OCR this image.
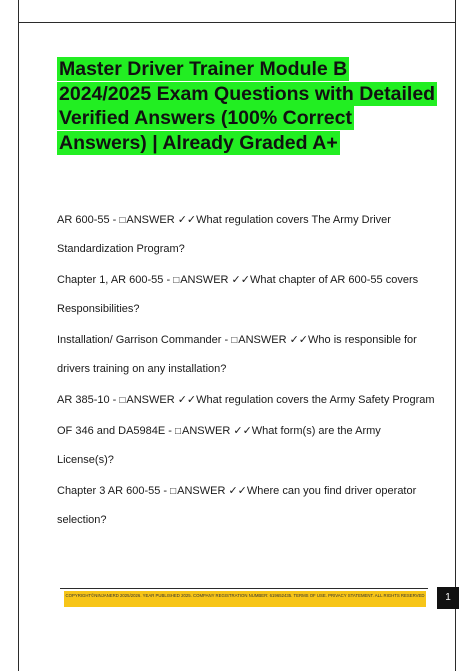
Master Driver Trainer Module B 2024/2025 Exam Questions with Detailed Verified Answers (100% Correct Answers) | Already Graded A+
AR 600-55 - □ANSWER ✓✓What regulation covers The Army Driver Standardization Program?
Chapter 1, AR 600-55 - □ANSWER ✓✓What chapter of AR 600-55 covers Responsibilities?
Installation/ Garrison Commander - □ANSWER ✓✓Who is responsible for drivers training on any installation?
AR 385-10 - □ANSWER ✓✓What regulation covers the Army Safety Program
OF 346 and DA5984E - □ANSWER ✓✓What form(s) are the Army License(s)?
Chapter 3 AR 600-55 - □ANSWER ✓✓Where can you find driver operator selection?

COPYRIGHT©NINJANERD 2025/2026. YEAR PUBLISHED 2025. COMPANY REGISTRATION NUMBER: 619652435. TERMS OF USE. PRIVACY STATEMENT. ALL RIGHTS RESERVED	1
